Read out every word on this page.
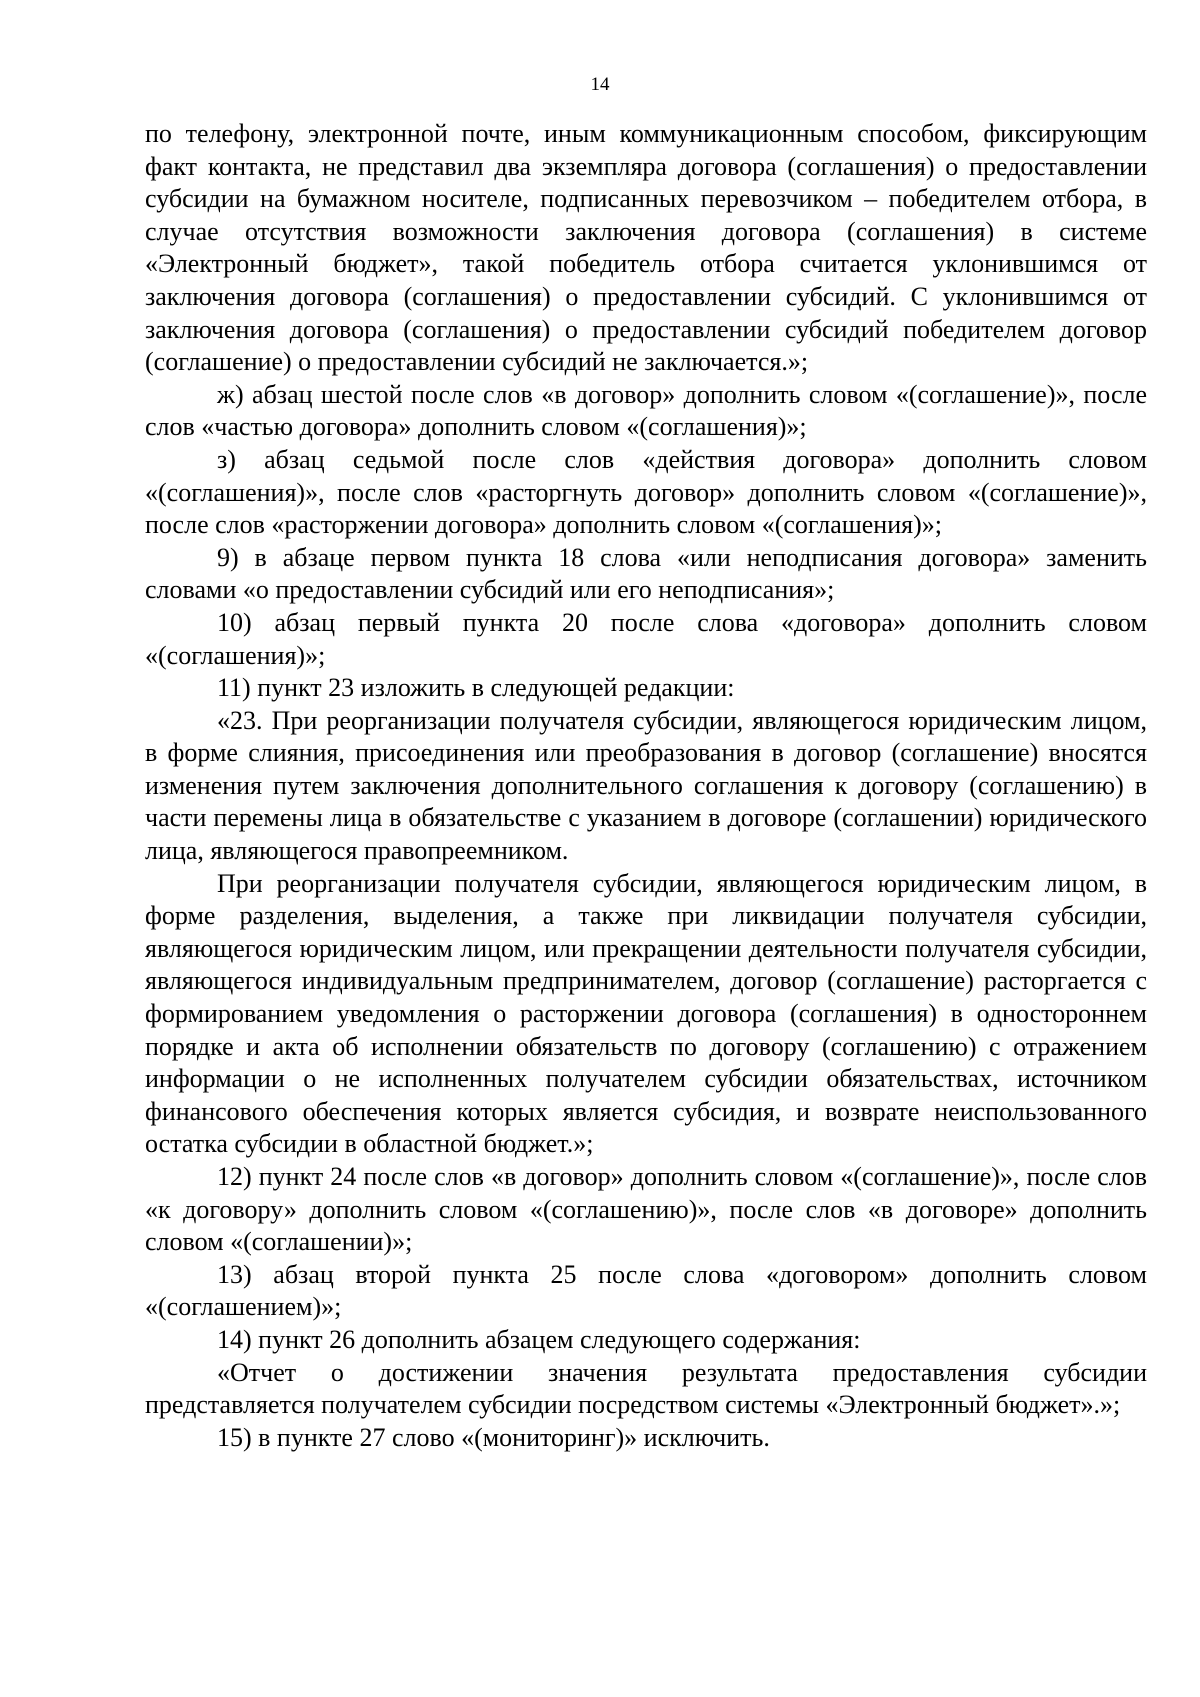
14

по телефону, электронной почте, иным коммуникационным способом, фиксирующим факт контакта, не представил два экземпляра договора (соглашения) о предоставлении субсидии на бумажном носителе, подписанных перевозчиком – победителем отбора, в случае отсутствия возможности заключения договора (соглашения) в системе «Электронный бюджет», такой победитель отбора считается уклонившимся от заключения договора (соглашения) о предоставлении субсидий. С уклонившимся от заключения договора (соглашения) о предоставлении субсидий победителем договор (соглашение) о предоставлении субсидий не заключается.»;

ж) абзац шестой после слов «в договор» дополнить словом «(соглашение)», после слов «частью договора» дополнить словом «(соглашения)»;

з) абзац седьмой после слов «действия договора» дополнить словом «(соглашения)», после слов «расторгнуть договор» дополнить словом «(соглашение)», после слов «расторжении договора» дополнить словом «(соглашения)»;

9) в абзаце первом пункта 18 слова «или неподписания договора» заменить словами «о предоставлении субсидий или его неподписания»;

10) абзац первый пункта 20 после слова «договора» дополнить словом «(соглашения)»;

11) пункт 23 изложить в следующей редакции:

«23. При реорганизации получателя субсидии, являющегося юридическим лицом, в форме слияния, присоединения или преобразования в договор (соглашение) вносятся изменения путем заключения дополнительного соглашения к договору (соглашению) в части перемены лица в обязательстве с указанием в договоре (соглашении) юридического лица, являющегося правопреемником.

При реорганизации получателя субсидии, являющегося юридическим лицом, в форме разделения, выделения, а также при ликвидации получателя субсидии, являющегося юридическим лицом, или прекращении деятельности получателя субсидии, являющегося индивидуальным предпринимателем, договор (соглашение) расторгается с формированием уведомления о расторжении договора (соглашения) в одностороннем порядке и акта об исполнении обязательств по договору (соглашению) с отражением информации о не исполненных получателем субсидии обязательствах, источником финансового обеспечения которых является субсидия, и возврате неиспользованного остатка субсидии в областной бюджет.»;

12) пункт 24 после слов «в договор» дополнить словом «(соглашение)», после слов «к договору» дополнить словом «(соглашению)», после слов «в договоре» дополнить словом «(соглашении)»;

13) абзац второй пункта 25 после слова «договором» дополнить словом «(соглашением)»;

14) пункт 26 дополнить абзацем следующего содержания:

«Отчет о достижении значения результата предоставления субсидии представляется получателем субсидии посредством системы «Электронный бюджет».»;

15) в пункте 27 слово «(мониторинг)» исключить.
